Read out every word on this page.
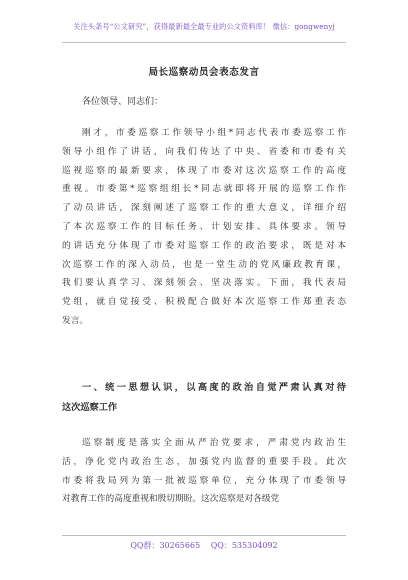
关注头条号“公文研究”，获得最新最全最专业的公文资料库！ 微信：gongwenyj
局长巡察动员会表态发言
各位领导、同志们：
刚才，市委巡察工作领导小组*同志代表市委巡察工作
领导小组作了讲话，向我们传达了中央、省委和市委有关
巡视巡察的最新要求，体现了市委对这次巡察工作的高度
重视。市委第*巡察组组长*同志就即将开展的巡察工作作
了动员讲话，深刻阐述了巡察工作的重大意义，详细介绍
了本次巡察工作的目标任务、计划安排、具体要求。领导
的讲话充分体现了市委对巡察工作的政治要求，既是对本
次巡察工作的深入动员，也是一堂生动的党风廉政教育课，
我们要认真学习、深刻领会、坚决落实。下面，我代表局
党组，就自觉接受、积极配合做好本次巡察工作郑重表态
发言。
一、统一思想认识，以高度的政治自觉严肃认真对待
这次巡察工作
巡察制度是落实全面从严治党要求，严肃党内政治生
活，净化党内政治生态，加强党内监督的重要手段。此次
市委将我局列为第一批被巡察单位，充分体现了市委领导
对教育工作的高度重视和殷切期盼。这次巡察是对各级党
QQ群：30265665 QQ：535304092
